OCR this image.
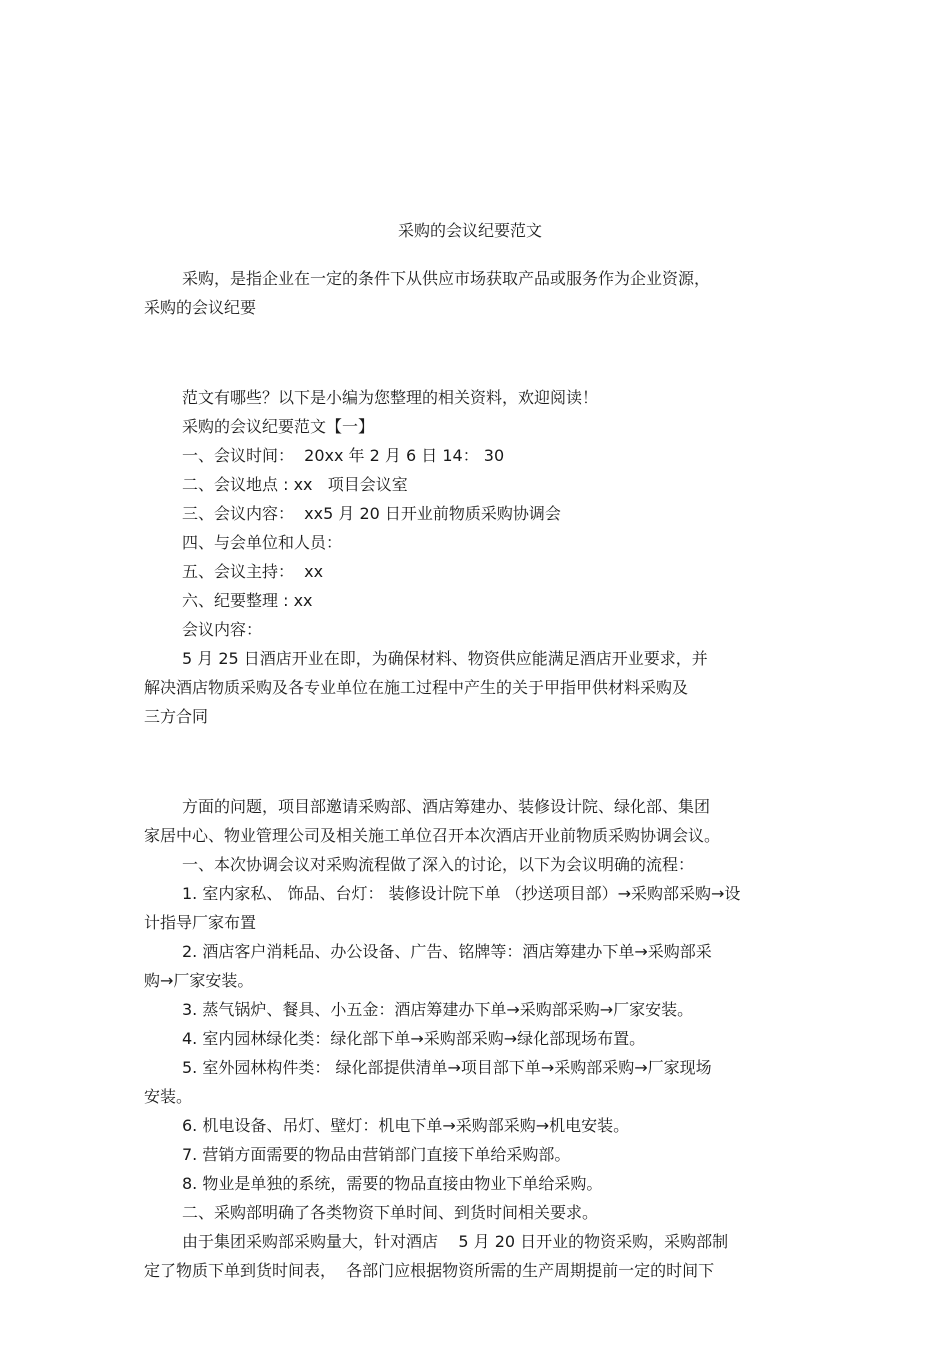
采购的会议纪要范文

采购，是指企业在一定的条件下从供应市场获取产品或服务作为企业资源，
采购的会议纪要

范文有哪些？以下是小编为您整理的相关资料，欢迎阅读！

采购的会议纪要范文【一】

一、会议时间：  20xx 年 2 月 6 日 14： 30

二、会议地点 : xx   项目会议室

三、会议内容：  xx5 月 20 日开业前物质采购协调会

四、与会单位和人员：

五、会议主持：  xx

六、纪要整理 : xx

会议内容：

5 月 25 日酒店开业在即，为确保材料、物资供应能满足酒店开业要求，并
解决酒店物质采购及各专业单位在施工过程中产生的关于甲指甲供材料采购及
三方合同

方面的问题，项目部邀请采购部、酒店筹建办、装修设计院、绿化部、集团
家居中心、物业管理公司及相关施工单位召开本次酒店开业前物质采购协调会议。

一、本次协调会议对采购流程做了深入的讨论，以下为会议明确的流程：

1. 室内家私、 饰品、台灯： 装修设计院下单 （抄送项目部）→采购部采购→设
计指导厂家布置

2. 酒店客户消耗品、办公设备、广告、铭牌等：酒店筹建办下单→采购部采
购→厂家安装。

3. 蒸气锅炉、餐具、小五金：酒店筹建办下单→采购部采购→厂家安装。

4. 室内园林绿化类：绿化部下单→采购部采购→绿化部现场布置。

5. 室外园林构件类： 绿化部提供清单→项目部下单→采购部采购→厂家现场
安装。

6. 机电设备、吊灯、壁灯：机电下单→采购部采购→机电安装。

7. 营销方面需要的物品由营销部门直接下单给采购部。

8. 物业是单独的系统，需要的物品直接由物业下单给采购。

二、采购部明确了各类物资下单时间、到货时间相关要求。

由于集团采购部采购量大，针对酒店    5 月 20 日开业的物资采购，采购部制
定了物质下单到货时间表，  各部门应根据物资所需的生产周期提前一定的时间下
